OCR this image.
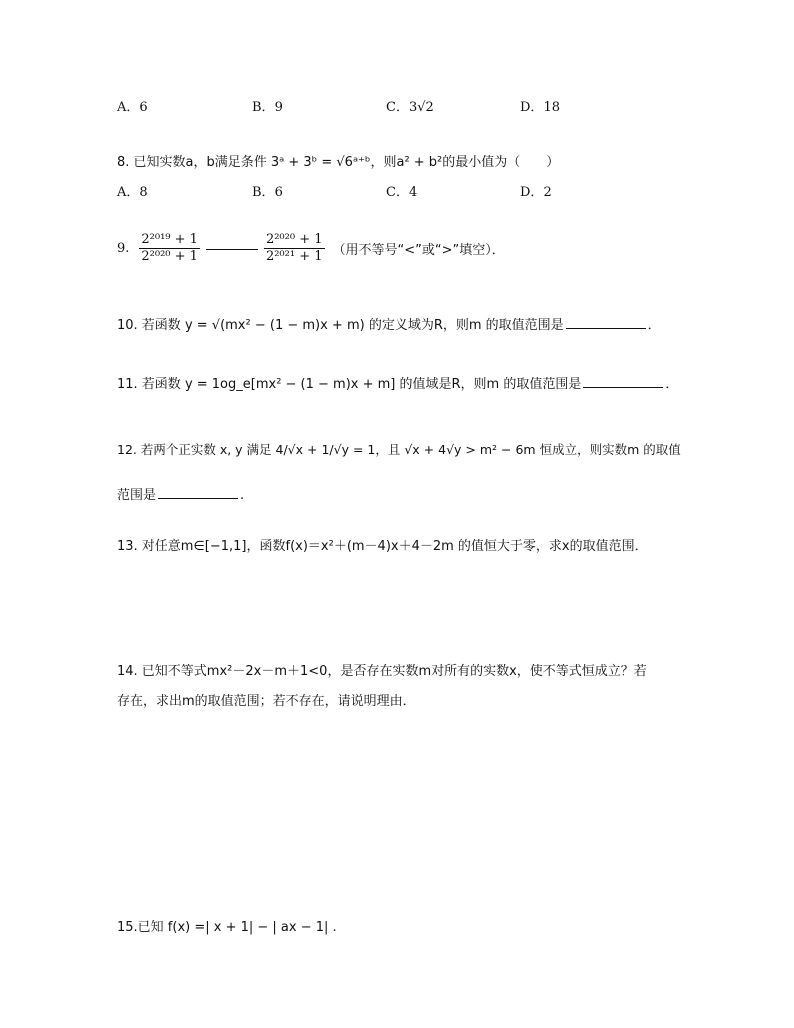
A．6	B．9	C．3√2	D．18
8. 已知实数a，b满足条件 3ᵃ + 3ᵇ = √6ᵃ⁺ᵇ，则a² + b²的最小值为（　　）
A．8	B．6	C．4	D．2
9. $\frac{\text{2²⁰¹⁹ + 1}}{\text{2²⁰²⁰ + 1}}$	$\frac{\text{2²⁰²⁰ + 1}}{\text{2²⁰²¹ + 1}}$ （用不等号“<”或“>”填空）．
10. 若函数 y = √(mx² − (1 − m)x + m) 的定义域为R，则m 的取值范围是	．
11. 若函数 y = 1og_e[mx² − (1 − m)x + m] 的值域是R，则m 的取值范围是	．
12. 若两个正实数 x, y 满足 4/√x + 1/√y = 1，且 √x + 4√y > m² − 6m 恒成立，则实数m 的取值
范围是	.
13. 对任意m∈[−1,1]，函数f(x)＝x²＋(m－4)x＋4－2m 的值恒大于零，求x的取值范围．
14. 已知不等式mx²－2x－m＋1<0，是否存在实数m对所有的实数x，使不等式恒成立？若
存在，求出m的取值范围；若不存在，请说明理由．
15.已知 f(x) =| x + 1| − | ax − 1| .
